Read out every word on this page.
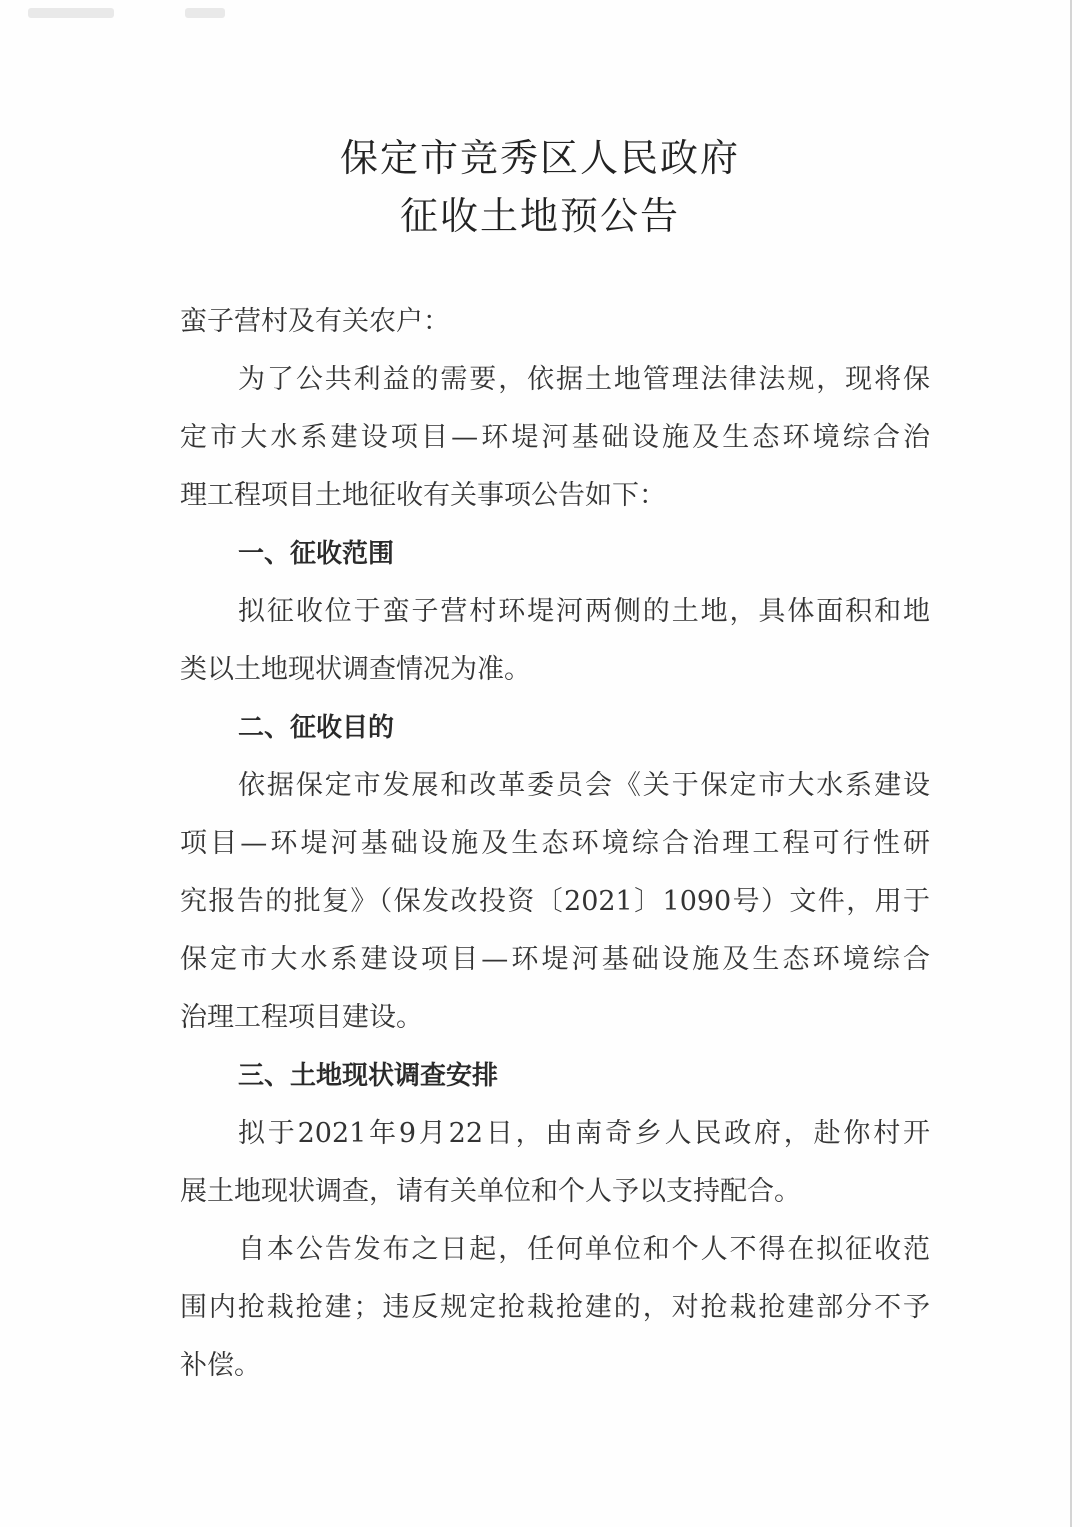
保定市竞秀区人民政府
征收土地预公告
蛮子营村及有关农户：
为了公共利益的需要，依据土地管理法律法规，现将保
定市大水系建设项目—环堤河基础设施及生态环境综合治
理工程项目土地征收有关事项公告如下：
一、征收范围
拟征收位于蛮子营村环堤河两侧的土地，具体面积和地
类以土地现状调查情况为准。
二、征收目的
依据保定市发展和改革委员会《关于保定市大水系建设
项目—环堤河基础设施及生态环境综合治理工程可行性研
究报告的批复》（保发改投资〔2021〕1090号）文件，用于
保定市大水系建设项目—环堤河基础设施及生态环境综合
治理工程项目建设。
三、土地现状调查安排
拟于2021年9月22日，由南奇乡人民政府，赴你村开
展土地现状调查，请有关单位和个人予以支持配合。
自本公告发布之日起，任何单位和个人不得在拟征收范
围内抢栽抢建；违反规定抢栽抢建的，对抢栽抢建部分不予
补偿。
